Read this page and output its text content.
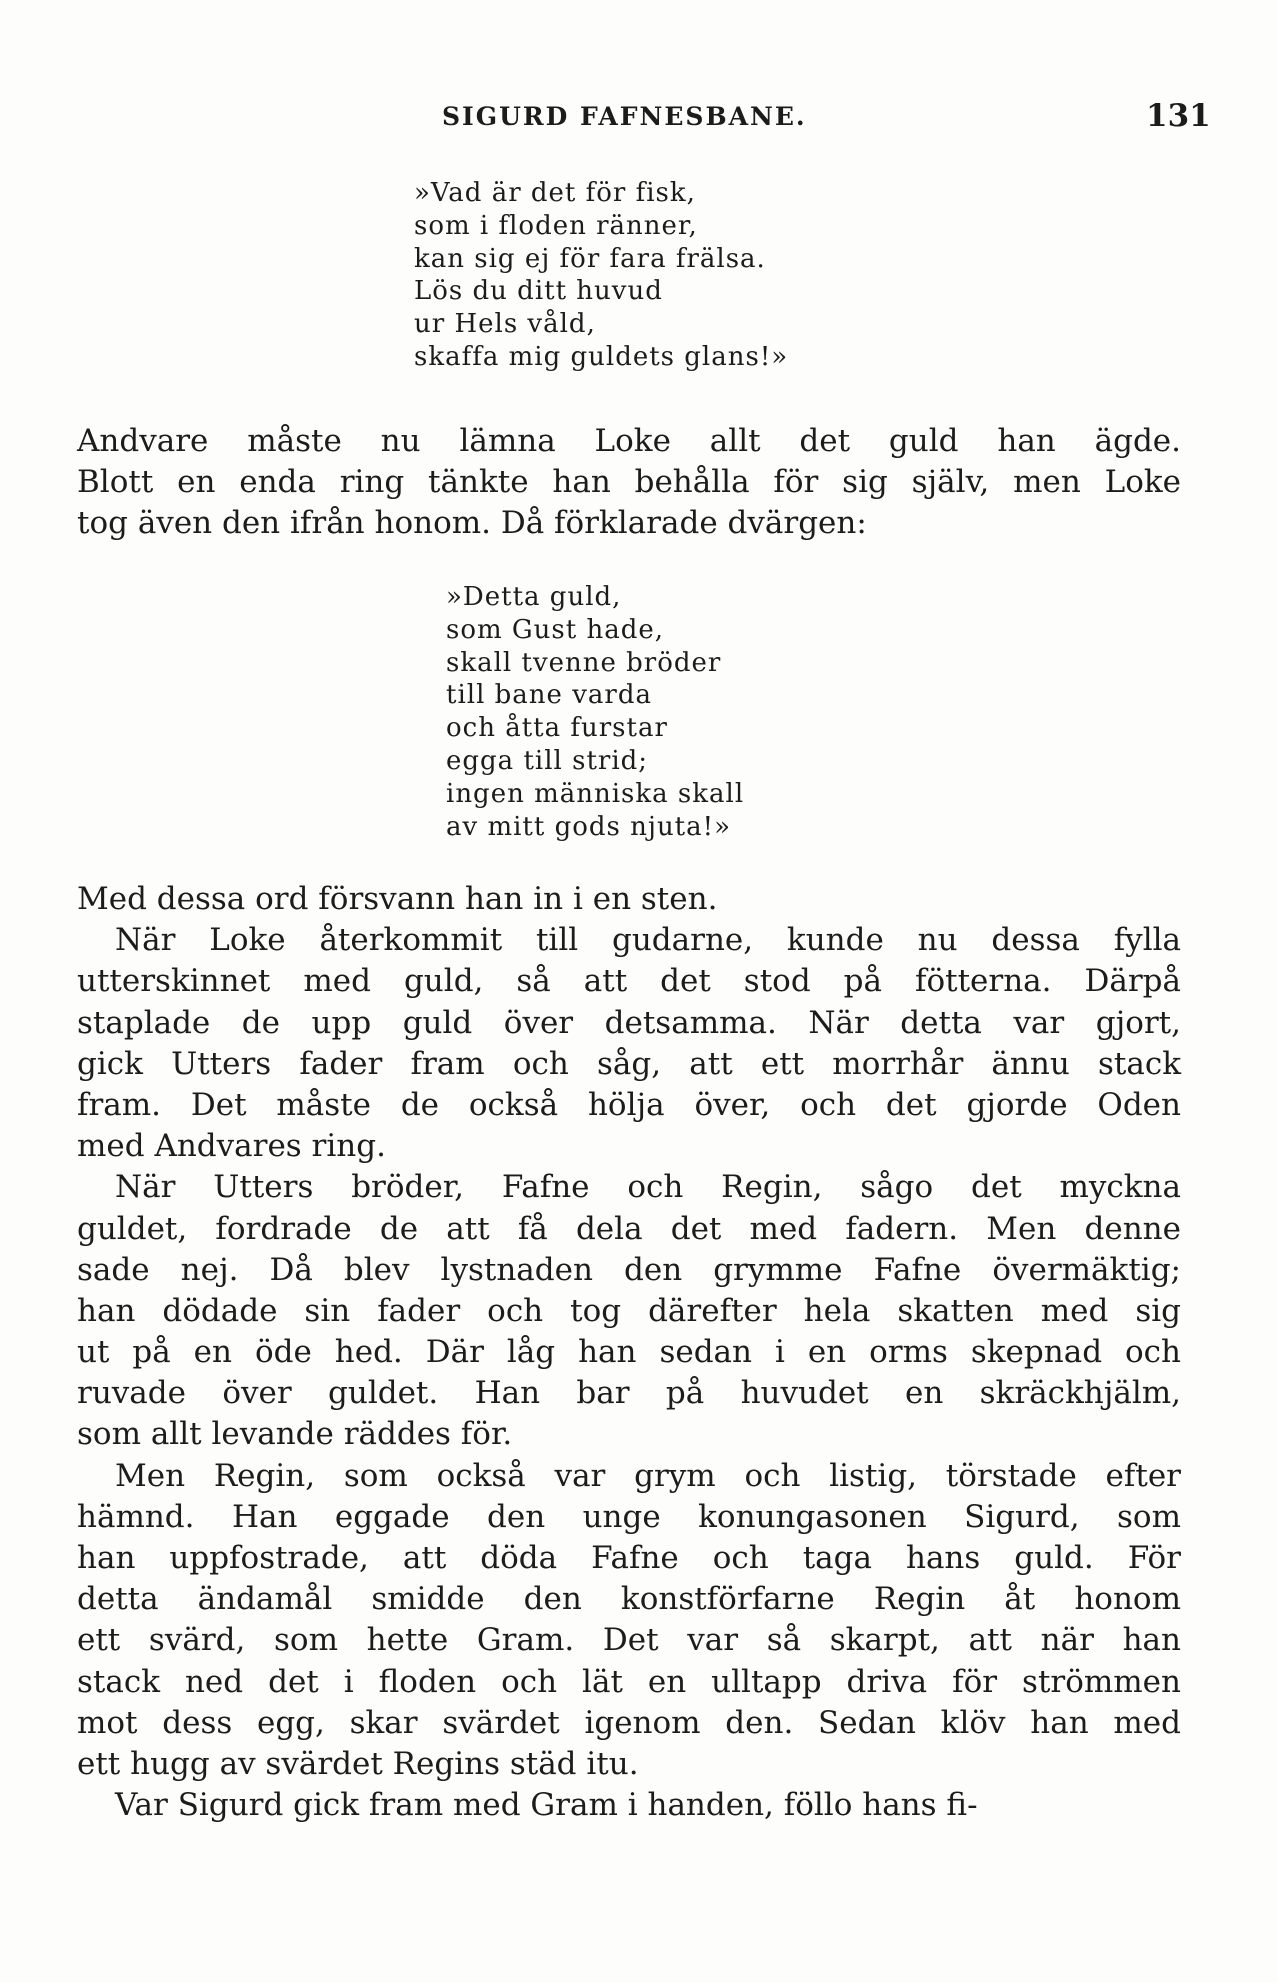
SIGURD FAFNESBANE.	131
»Vad är det för fisk,
som i floden ränner,
kan sig ej för fara frälsa.
Lös du ditt huvud
ur Hels våld,
skaffa mig guldets glans!»
Andvare måste nu lämna Loke allt det guld han ägde.
Blott en enda ring tänkte han behålla för sig själv, men Loke
tog även den ifrån honom. Då förklarade dvärgen:
»Detta guld,
som Gust hade,
skall tvenne bröder
till bane varda
och åtta furstar
egga till strid;
ingen människa skall
av mitt gods njuta!»
Med dessa ord försvann han in i en sten.
När Loke återkommit till gudarne, kunde nu dessa fylla
utterskinnet med guld, så att det stod på fötterna. Därpå
staplade de upp guld över detsamma. När detta var gjort,
gick Utters fader fram och såg, att ett morrhår ännu stack
fram. Det måste de också hölja över, och det gjorde Oden
med Andvares ring.
När Utters bröder, Fafne och Regin, sågo det myckna
guldet, fordrade de att få dela det med fadern. Men denne
sade nej. Då blev lystnaden den grymme Fafne övermäktig;
han dödade sin fader och tog därefter hela skatten med sig
ut på en öde hed. Där låg han sedan i en orms skepnad och
ruvade över guldet. Han bar på huvudet en skräckhjälm,
som allt levande räddes för.
Men Regin, som också var grym och listig, törstade efter
hämnd. Han eggade den unge konungasonen Sigurd, som
han uppfostrade, att döda Fafne och taga hans guld. För
detta ändamål smidde den konstförfarne Regin åt honom
ett svärd, som hette Gram. Det var så skarpt, att när han
stack ned det i floden och lät en ulltapp driva för strömmen
mot dess egg, skar svärdet igenom den. Sedan klöv han med
ett hugg av svärdet Regins städ itu.
Var Sigurd gick fram med Gram i handen, föllo hans fi-
